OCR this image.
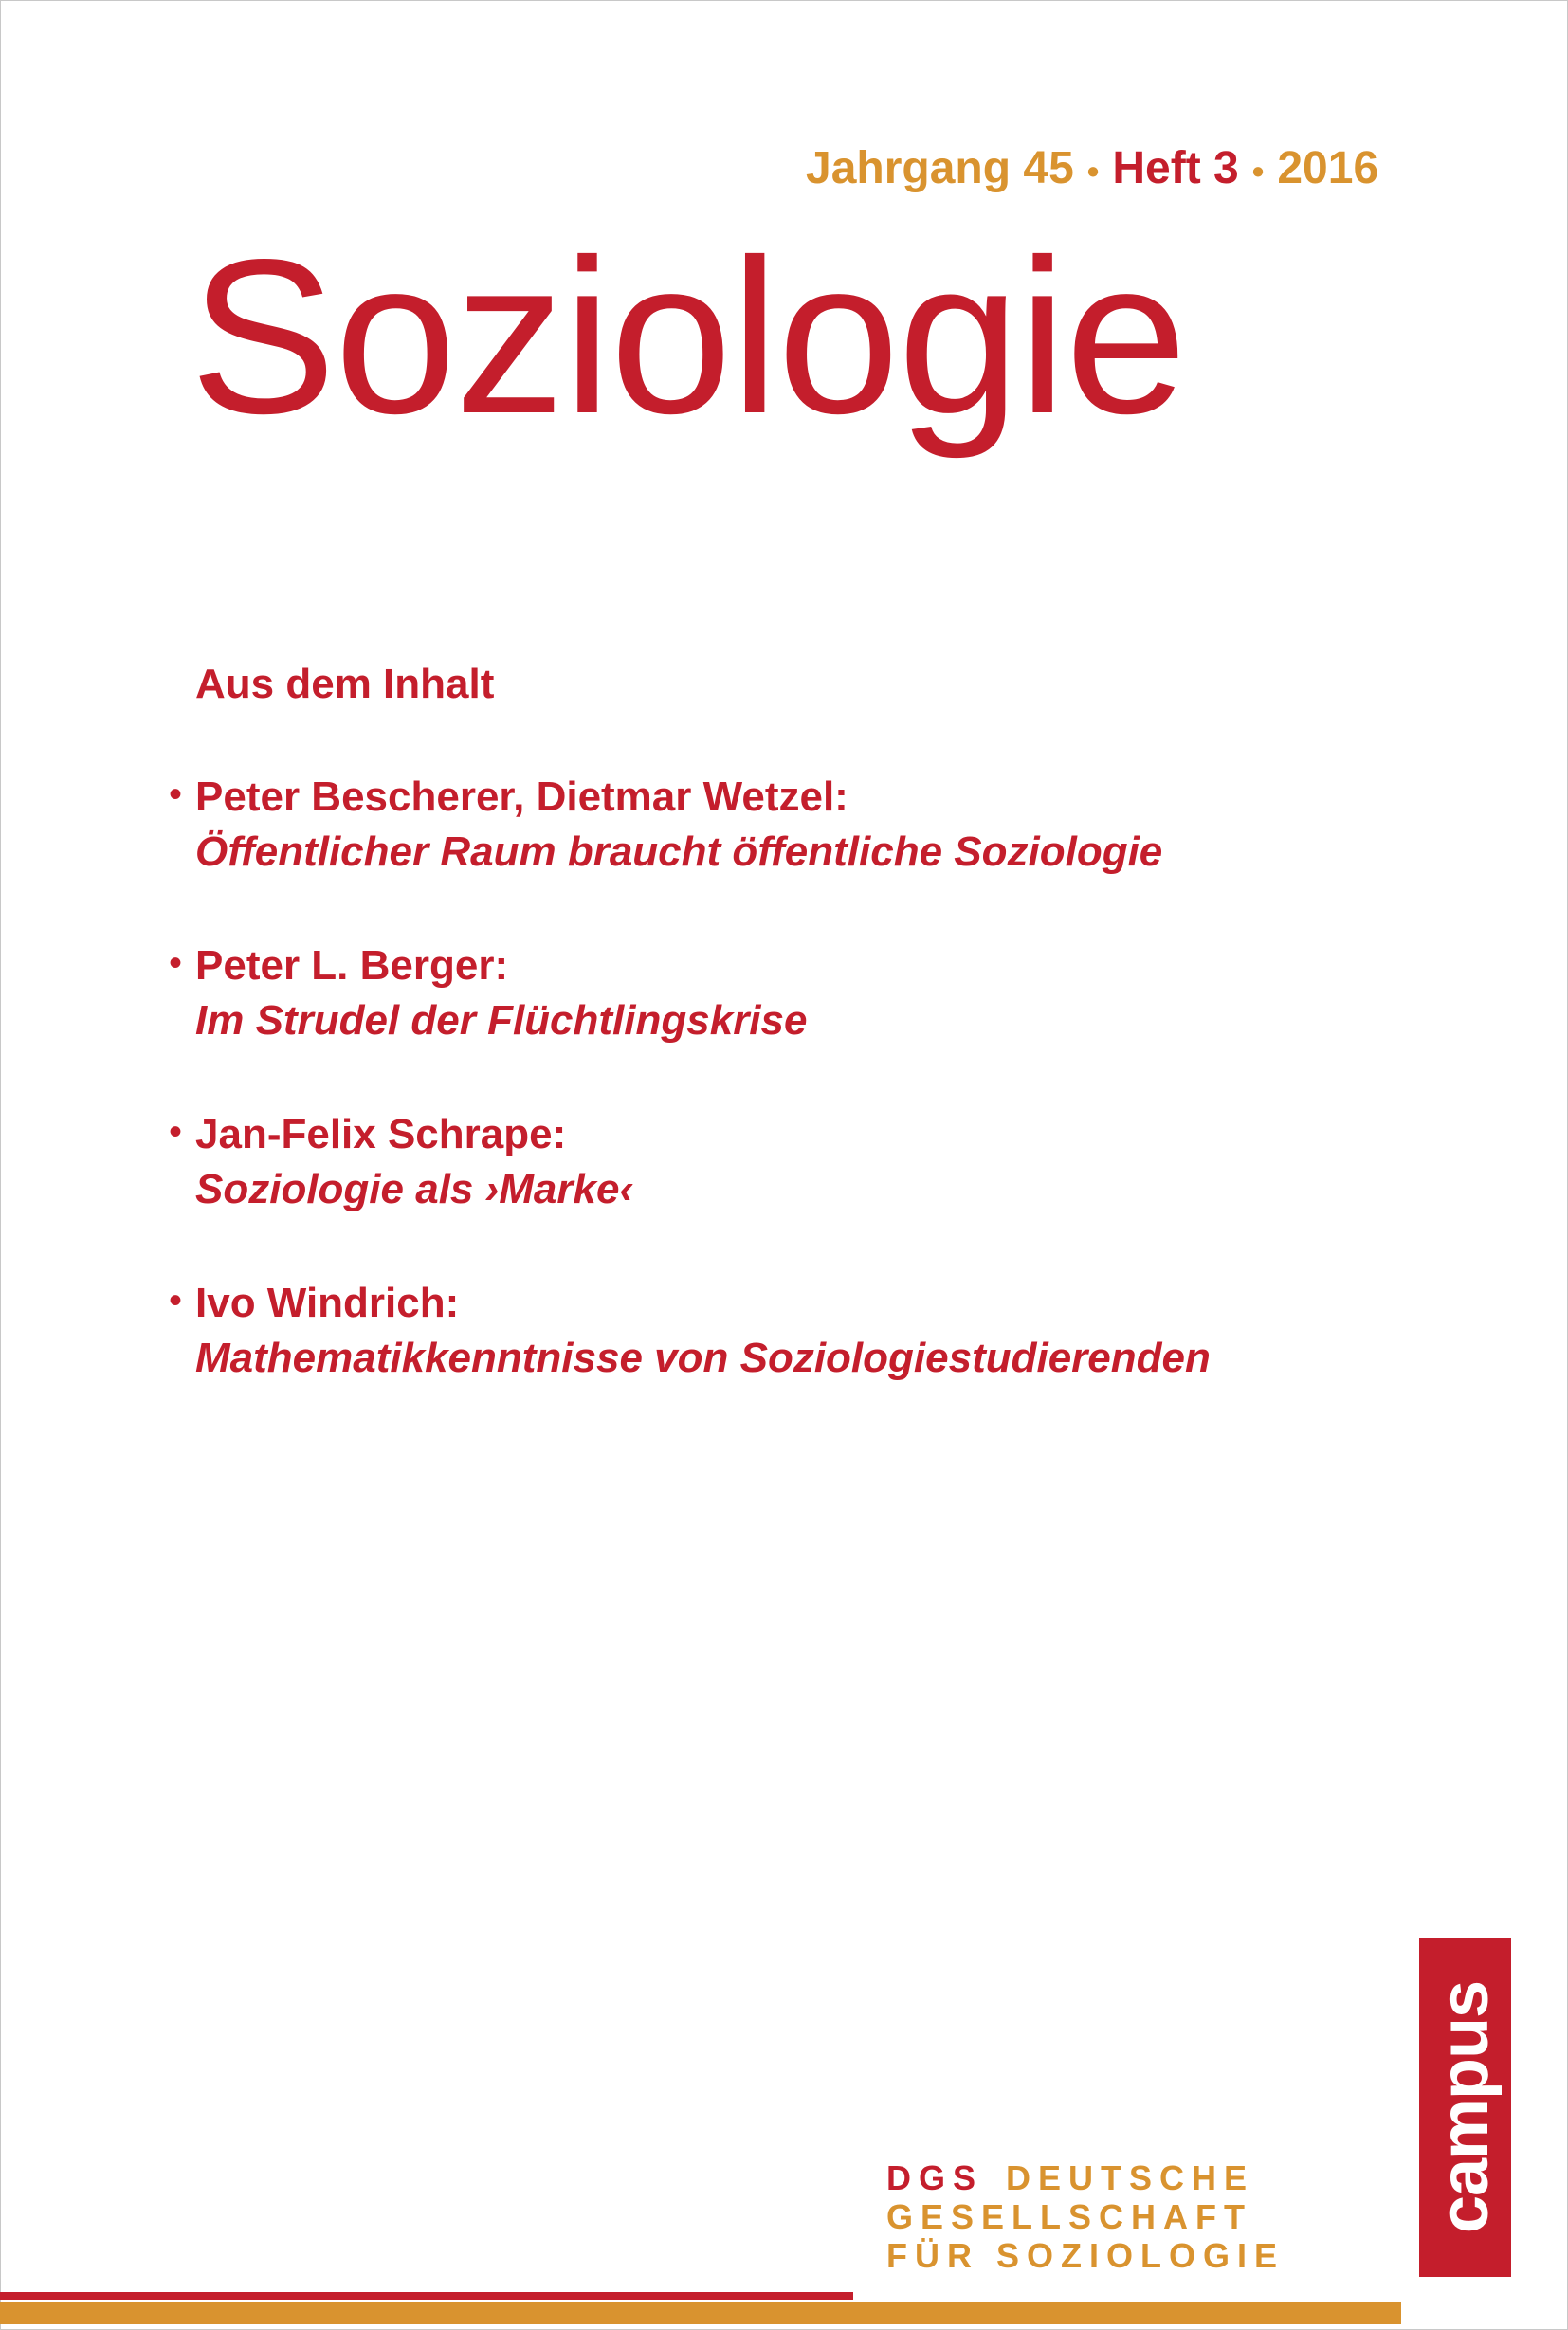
Jahrgang 45 • Heft 3 • 2016
Soziologie
Aus dem Inhalt
• Peter Bescherer, Dietmar Wetzel:
Öffentlicher Raum braucht öffentliche Soziologie
• Peter L. Berger:
Im Strudel der Flüchtlingskrise
• Jan-Felix Schrape:
Soziologie als ›Marke‹
• Ivo Windrich:
Mathematikkenntnisse von Soziologiestudierenden
campus
DGS DEUTSCHE
GESELLSCHAFT
FÜR SOZIOLOGIE
